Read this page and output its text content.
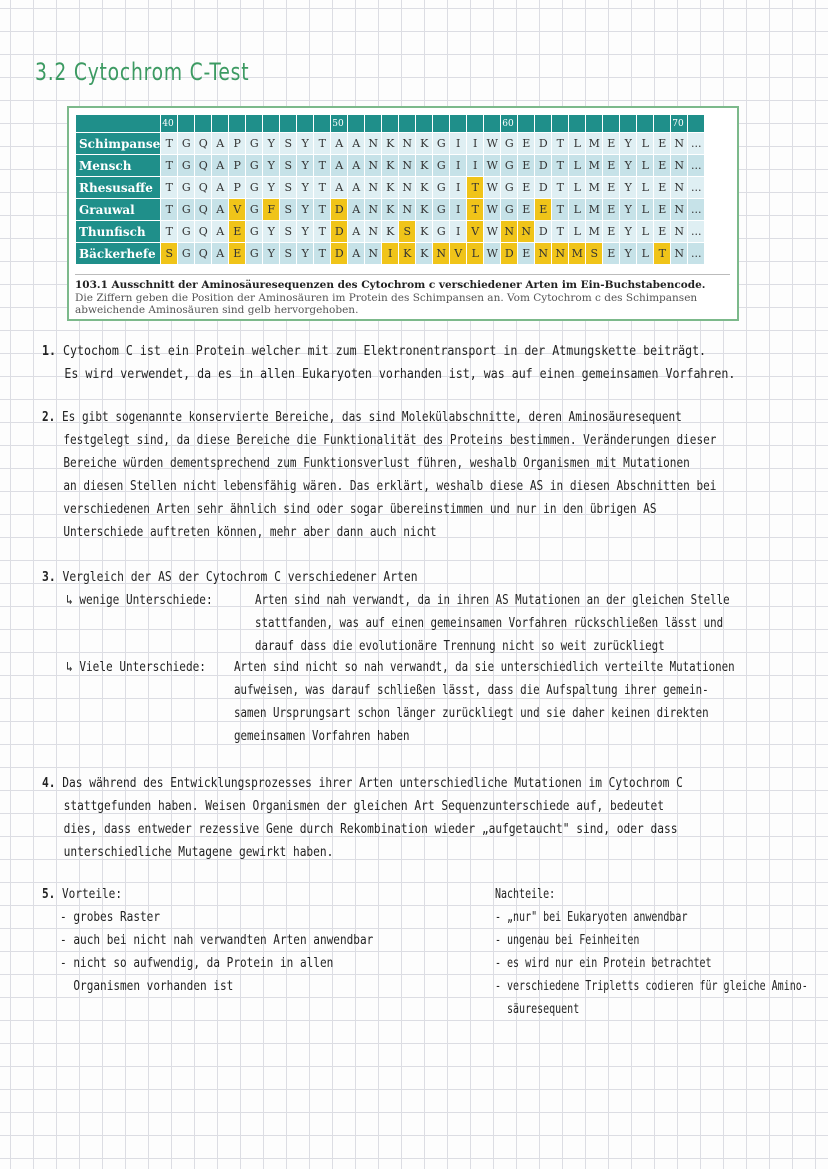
3.2 Cytochrom C-Test
	40										50										60										70	
Schimpanse	T	G	Q	A	P	G	Y	S	Y	T	A	A	N	K	N	K	G	I	I	W	G	E	D	T	L	M	E	Y	L	E	N	...
Mensch	T	G	Q	A	P	G	Y	S	Y	T	A	A	N	K	N	K	G	I	I	W	G	E	D	T	L	M	E	Y	L	E	N	...
Rhesusaffe	T	G	Q	A	P	G	Y	S	Y	T	A	A	N	K	N	K	G	I	T	W	G	E	D	T	L	M	E	Y	L	E	N	...
Grauwal	T	G	Q	A	V	G	F	S	Y	T	D	A	N	K	N	K	G	I	T	W	G	E	E	T	L	M	E	Y	L	E	N	...
Thunfisch	T	G	Q	A	E	G	Y	S	Y	T	D	A	N	K	S	K	G	I	V	W	N	N	D	T	L	M	E	Y	L	E	N	...
Bäckerhefe	S	G	Q	A	E	G	Y	S	Y	T	D	A	N	I	K	K	N	V	L	W	D	E	N	N	M	S	E	Y	L	T	N	...
103.1 Ausschnitt der Aminosäuresequenzen des Cytochrom c verschiedener Arten im Ein-Buchstabencode.
Die Ziffern geben die Position der Aminosäuren im Protein des Schimpansen an. Vom Cytochrom c des Schimpansen abweichende Aminosäuren sind gelb hervorgehoben.
1. Cytochom C ist ein Protein welcher mit zum Elektronentransport in der Atmungskette beiträgt.
Es wird verwendet, da es in allen Eukaryoten vorhanden ist, was auf einen gemeinsamen Vorfahren.
2. Es gibt sogenannte konservierte Bereiche, das sind Molekülabschnitte, deren Aminosäuresequent
festgelegt sind, da diese Bereiche die Funktionalität des Proteins bestimmen. Veränderungen dieser
Bereiche würden dementsprechend zum Funktionsverlust führen, weshalb Organismen mit Mutationen
an diesen Stellen nicht lebensfähig wären. Das erklärt, weshalb diese AS in diesen Abschnitten bei
verschiedenen Arten sehr ähnlich sind oder sogar übereinstimmen und nur in den übrigen AS
Unterschiede auftreten können, mehr aber dann auch nicht
3. Vergleich der AS der Cytochrom C verschiedener Arten
↳ wenige Unterschiede:	Arten sind nah verwandt, da in ihren AS Mutationen an der gleichen Stelle
stattfanden, was auf einen gemeinsamen Vorfahren rückschließen lässt und
darauf dass die evolutionäre Trennung nicht so weit zurückliegt
↳ Viele Unterschiede: Arten sind nicht so nah verwandt, da sie unterschiedlich verteilte Mutationen
aufweisen, was darauf schließen lässt, dass die Aufspaltung ihrer gemein-
samen Ursprungsart schon länger zurückliegt und sie daher keinen direkten
gemeinsamen Vorfahren haben
4. Das während des Entwicklungsprozesses ihrer Arten unterschiedliche Mutationen im Cytochrom C
stattgefunden haben. Weisen Organismen der gleichen Art Sequenzunterschiede auf, bedeutet
dies, dass entweder rezessive Gene durch Rekombination wieder „aufgetaucht" sind, oder dass
unterschiedliche Mutagene gewirkt haben.
5. Vorteile:
- grobes Raster
- auch bei nicht nah verwandten Arten anwendbar
- nicht so aufwendig, da Protein in allen
Organismen vorhanden ist
Nachteile:
- „nur" bei Eukaryoten anwendbar
- ungenau bei Feinheiten
- es wird nur ein Protein betrachtet
- verschiedene Tripletts codieren für gleiche Amino-
säuresequent
